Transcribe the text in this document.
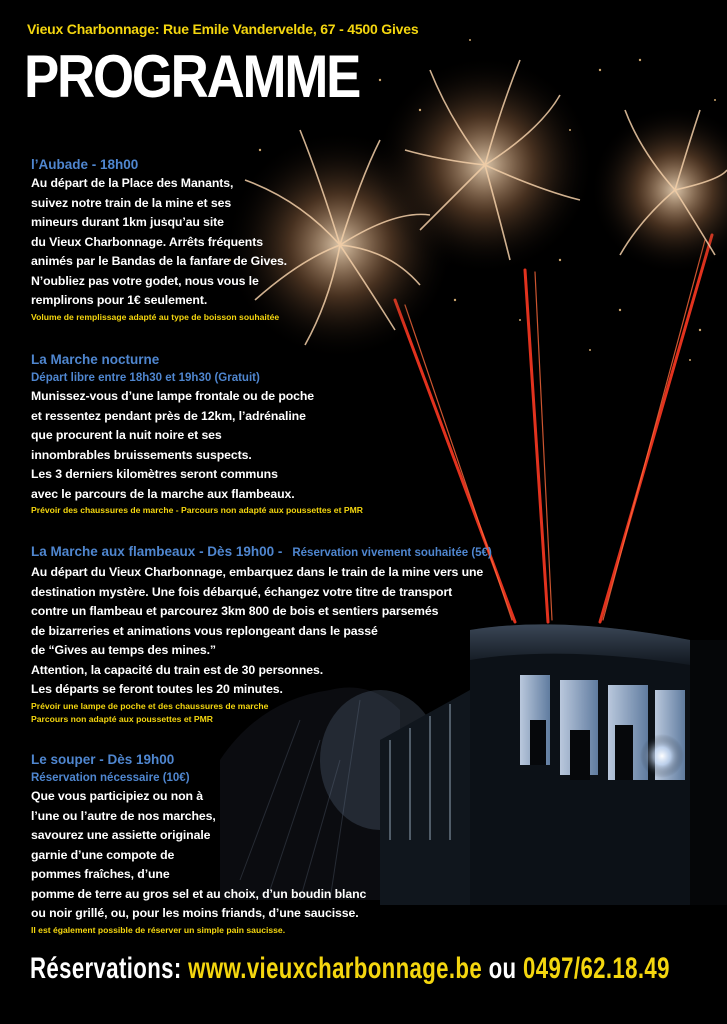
Vieux Charbonnage: Rue Emile Vandervelde, 67 - 4500 Gives
PROGRAMME
l’Aubade - 18h00
Au départ de la Place des Manants,
suivez notre train de la mine et ses
mineurs durant 1km jusqu’au site
du Vieux Charbonnage. Arrêts fréquents
animés par le Bandas de la fanfare de Gives.
N’oubliez pas votre godet, nous vous le
remplirons pour 1€ seulement.
Volume de remplissage adapté au type de boisson souhaitée
La Marche nocturne
Départ libre entre 18h30 et 19h30 (Gratuit)
Munissez-vous d’une lampe frontale ou de poche
et ressentez pendant près de 12km, l’adrénaline
que procurent la nuit noire et ses
innombrables bruissements suspects.
Les 3 derniers kilomètres seront communs
avec le parcours de la marche aux flambeaux.
Prévoir des chaussures de marche - Parcours non adapté aux poussettes et PMR
La Marche aux flambeaux - Dès 19h00 - Réservation vivement souhaitée (5€)
Au départ du Vieux Charbonnage, embarquez dans le train de la mine vers une
destination mystère. Une fois débarqué, échangez votre titre de transport
contre un flambeau et parcourez 3km 800 de bois et sentiers parsemés
de bizarreries et animations vous replongeant dans le passé
de “Gives au temps des mines.”
Attention, la capacité du train est de 30 personnes.
Les départs se feront toutes les 20 minutes.
Prévoir une lampe de poche et des chaussures de marche
Parcours non adapté aux poussettes et PMR
Le souper - Dès 19h00
Réservation nécessaire (10€)
Que vous participiez ou non à
l’une ou l’autre de nos marches,
savourez une assiette originale
garnie d’une compote de
pommes fraîches, d’une
pomme de terre au gros sel et au choix, d’un boudin blanc
ou noir grillé, ou, pour les moins friands, d’une saucisse.
Il est également possible de réserver un simple pain saucisse.
Réservations: www.vieuxcharbonnage.be ou 0497/62.18.49
